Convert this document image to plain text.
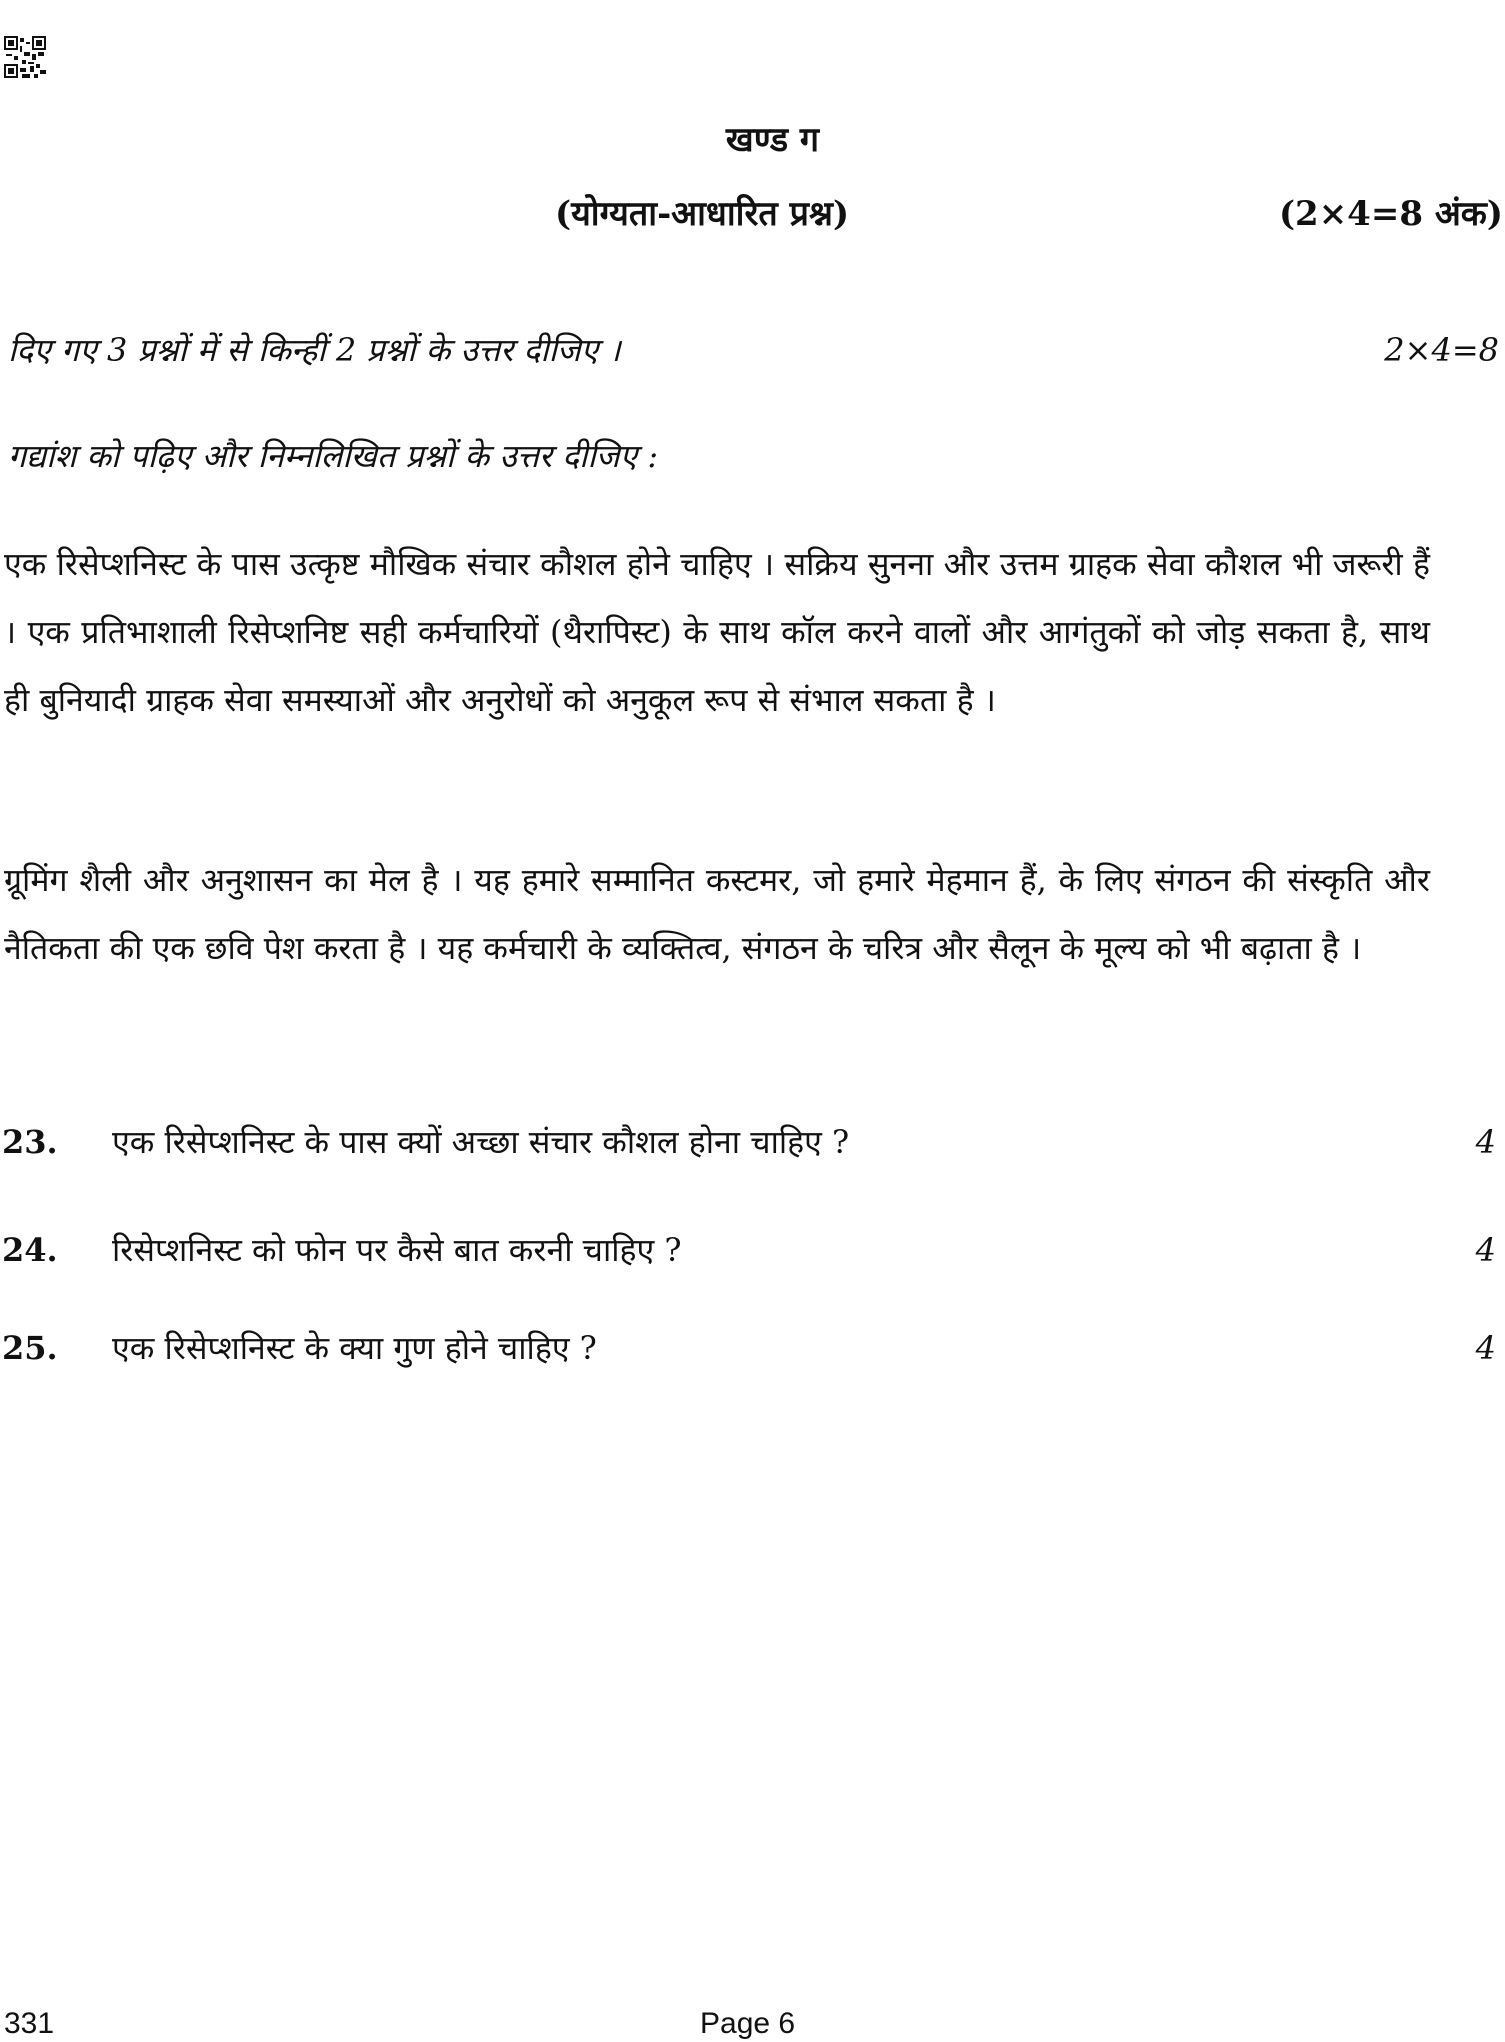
खण्ड ग
(योग्यता-आधारित प्रश्न)	(2×4=8 अंक)
दिए गए 3 प्रश्नों में से किन्हीं 2 प्रश्नों के उत्तर दीजिए ।	2×4=8
गद्यांश को पढ़िए और निम्नलिखित प्रश्नों के उत्तर दीजिए :

एक रिसेप्शनिस्ट के पास उत्कृष्ट मौखिक संचार कौशल होने चाहिए । सक्रिय सुनना और उत्तम ग्राहक सेवा कौशल भी जरूरी हैं । एक प्रतिभाशाली रिसेप्शनिष्ट सही कर्मचारियों (थैरापिस्ट) के साथ कॉल करने वालों और आगंतुकों को जोड़ सकता है, साथ ही बुनियादी ग्राहक सेवा समस्याओं और अनुरोधों को अनुकूल रूप से संभाल सकता है ।

ग्रूमिंग शैली और अनुशासन का मेल है । यह हमारे सम्मानित कस्टमर, जो हमारे मेहमान हैं, के लिए संगठन की संस्कृति और नैतिकता की एक छवि पेश करता है । यह कर्मचारी के व्यक्तित्व, संगठन के चरित्र और सैलून के मूल्य को भी बढ़ाता है ।

23. एक रिसेप्शनिस्ट के पास क्यों अच्छा संचार कौशल होना चाहिए ?	4
24. रिसेप्शनिस्ट को फोन पर कैसे बात करनी चाहिए ?	4
25. एक रिसेप्शनिस्ट के क्या गुण होने चाहिए ?	4
331	Page 6
